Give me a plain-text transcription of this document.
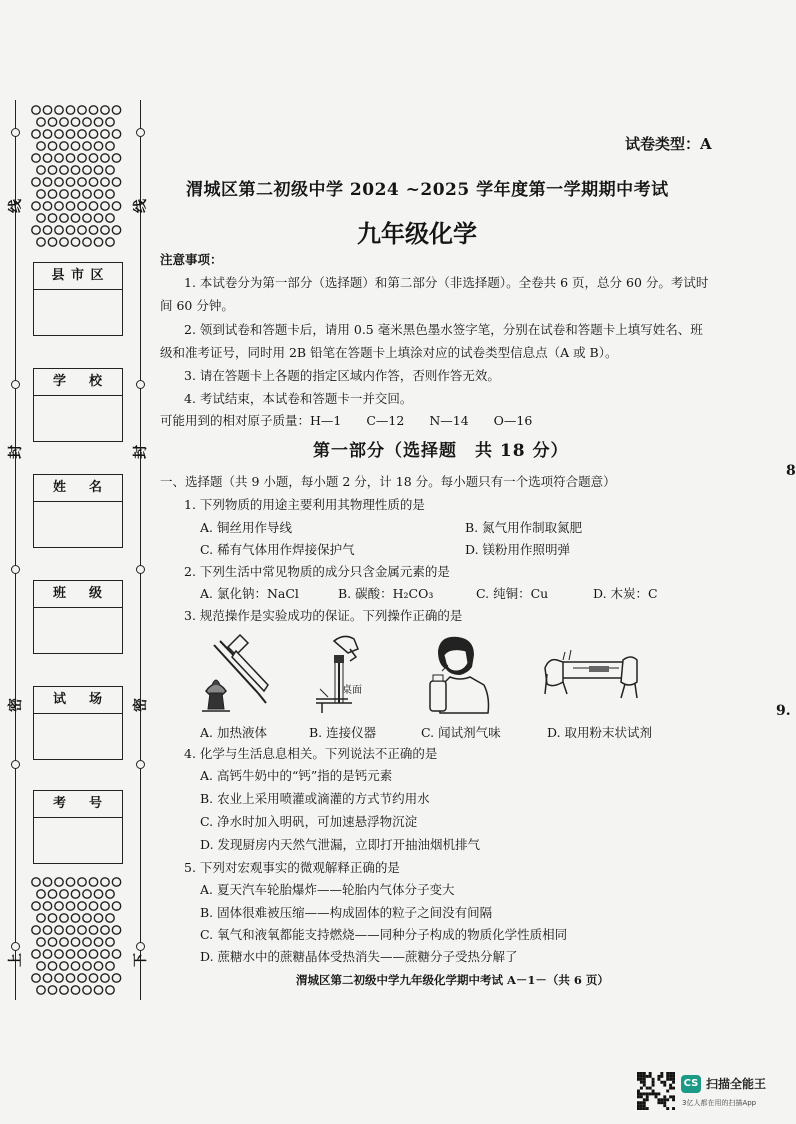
线
封
密
上
线
封
密
下
县 市 区
学    校
姓    名
班    级
试    场
考    号
试卷类型：A
渭城区第二初级中学 2024 ~2025 学年度第一学期期中考试
九年级化学
注意事项：
1. 本试卷分为第一部分（选择题）和第二部分（非选择题）。全卷共 6 页，总分 60 分。考试时
间 60 分钟。
2. 领到试卷和答题卡后，请用 0.5 毫米黑色墨水签字笔，分别在试卷和答题卡上填写姓名、班
级和准考证号，同时用 2B 铅笔在答题卡上填涂对应的试卷类型信息点（A 或 B）。
3. 请在答题卡上各题的指定区域内作答，否则作答无效。
4. 考试结束，本试卷和答题卡一并交回。
可能用到的相对原子质量：H—1　　C—12　　N—14　　O—16
第一部分（选择题　共 18 分）
一、选择题（共 9 小题，每小题 2 分，计 18 分。每小题只有一个选项符合题意）
1. 下列物质的用途主要利用其物理性质的是
A. 铜丝用作导线	B. 氮气用作制取氮肥
C. 稀有气体用作焊接保护气	D. 镁粉用作照明弹
2. 下列生活中常见物质的成分只含金属元素的是
A. 氯化钠：NaCl	B. 碳酸：H₂CO₃	C. 纯铜：Cu	D. 木炭：C
3. 规范操作是实验成功的保证。下列操作正确的是
桌面
A. 加热液体	B. 连接仪器	C. 闻试剂气味	D. 取用粉末状试剂
4. 化学与生活息息相关。下列说法不正确的是
A. 高钙牛奶中的“钙”指的是钙元素
B. 农业上采用喷灌或滴灌的方式节约用水
C. 净水时加入明矾，可加速悬浮物沉淀
D. 发现厨房内天然气泄漏，立即打开抽油烟机排气
5. 下列对宏观事实的微观解释正确的是
A. 夏天汽车轮胎爆炸——轮胎内气体分子变大
B. 固体很难被压缩——构成固体的粒子之间没有间隔
C. 氧气和液氧都能支持燃烧——同种分子构成的物质化学性质相同
D. 蔗糖水中的蔗糖晶体受热消失——蔗糖分子受热分解了
渭城区第二初级中学九年级化学期中考试 A－1－（共 6 页）
8
9.
CS 扫描全能王
3亿人都在用的扫描App
